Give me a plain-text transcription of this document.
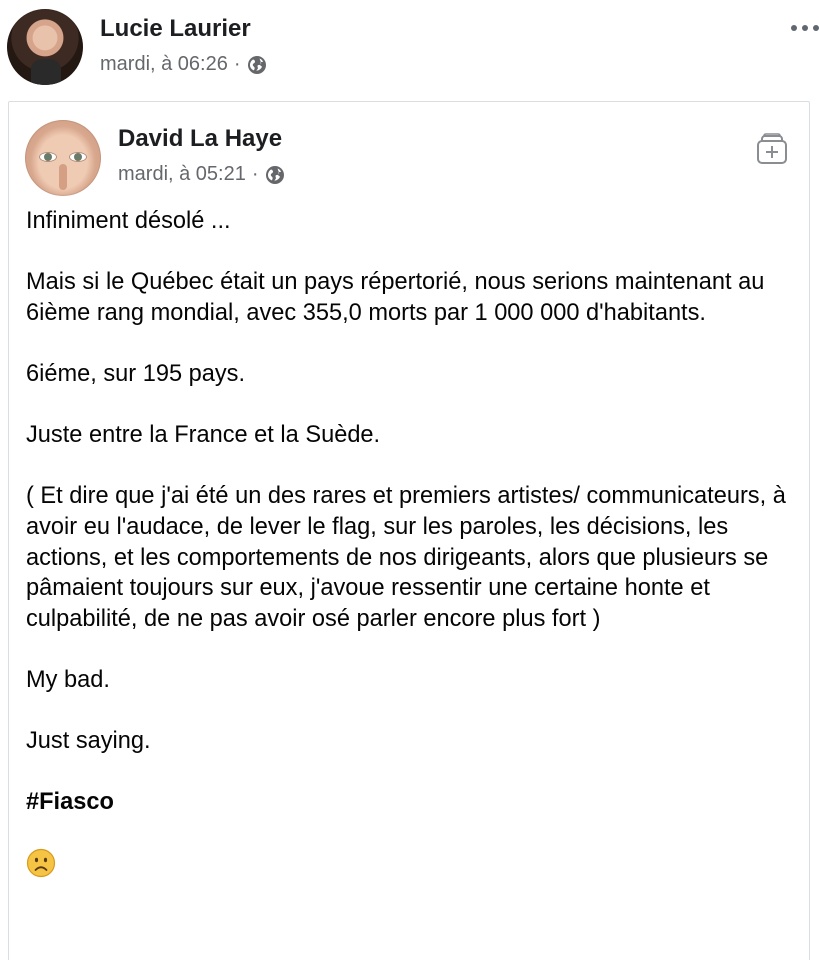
Lucie Laurier
mardi, à 06:26 ·
David La Haye
mardi, à 05:21 ·

Infiniment désolé ...

Mais si le Québec était un pays répertorié, nous serions maintenant au 6ième rang mondial, avec 355,0 morts par 1 000 000 d'habitants.

6iéme, sur 195 pays.

Juste entre la France et la Suède.

( Et dire que j'ai été un des rares et premiers artistes/ communicateurs, à  avoir eu l'audace, de lever le flag, sur les paroles, les décisions, les actions, et les comportements de nos dirigeants, alors que plusieurs se pâmaient toujours sur eux, j'avoue ressentir une certaine honte et culpabilité, de ne pas avoir osé parler encore plus fort )

My bad.

Just saying.

#Fiasco
